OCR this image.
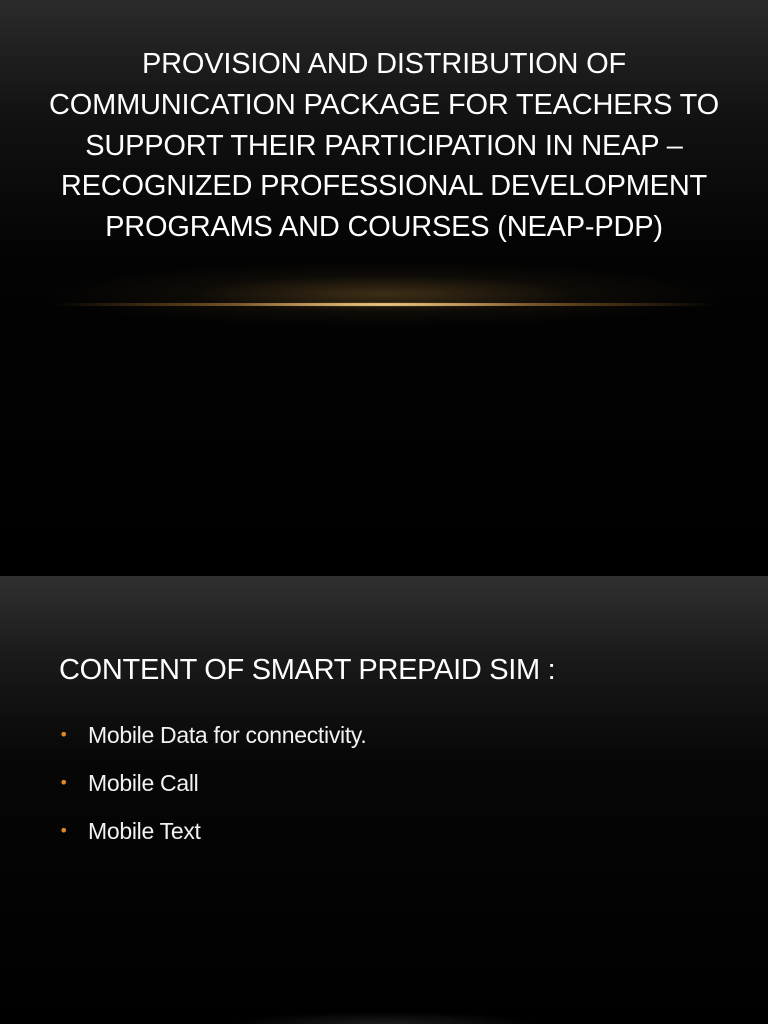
PROVISION AND DISTRIBUTION OF COMMUNICATION PACKAGE FOR TEACHERS TO SUPPORT THEIR PARTICIPATION IN NEAP – RECOGNIZED PROFESSIONAL DEVELOPMENT PROGRAMS AND COURSES (NEAP-PDP)
CONTENT OF SMART PREPAID SIM :
• Mobile Data for connectivity.
• Mobile Call
• Mobile Text
